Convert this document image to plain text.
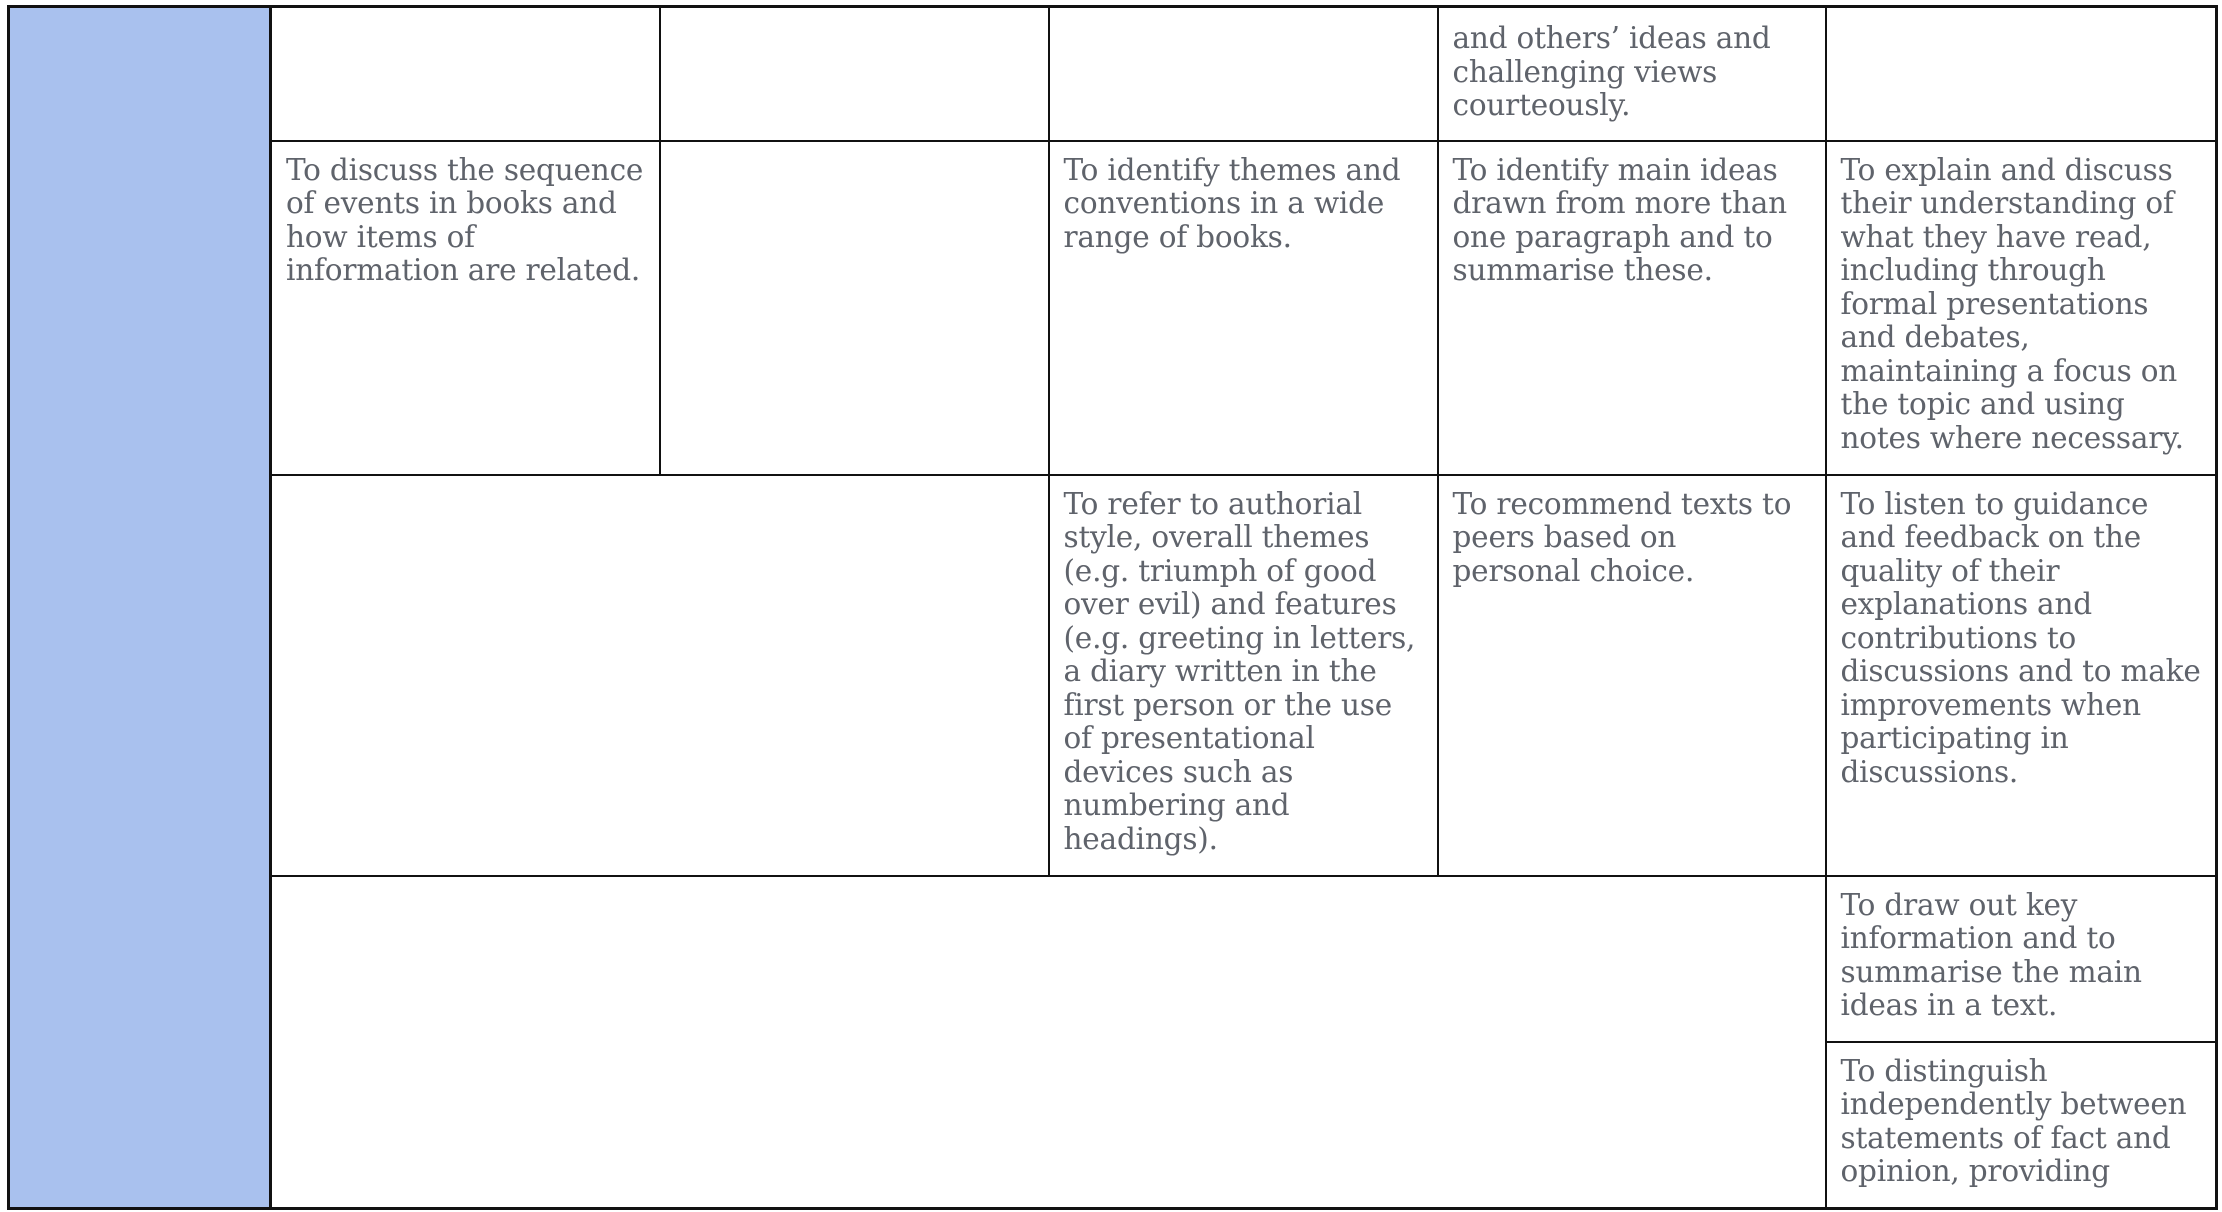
				and others’ ideas and challenging views courteously.	

	To discuss the sequence of events in books and how items of information are related.		To identify themes and conventions in a wide range of books.	To identify main ideas drawn from more than one paragraph and to summarise these.	To explain and discuss their understanding of what they have read, including through formal presentations and debates, maintaining a focus on the topic and using notes where necessary.

			To refer to authorial style, overall themes (e.g. triumph of good over evil) and features (e.g. greeting in letters, a diary written in the first person or the use of presentational devices such as numbering and headings).	To recommend texts to peers based on personal choice.	To listen to guidance and feedback on the quality of their explanations and contributions to discussions and to make improvements when participating in discussions.

					To draw out key information and to summarise the main ideas in a text.

					To distinguish independently between statements of fact and opinion, providing
